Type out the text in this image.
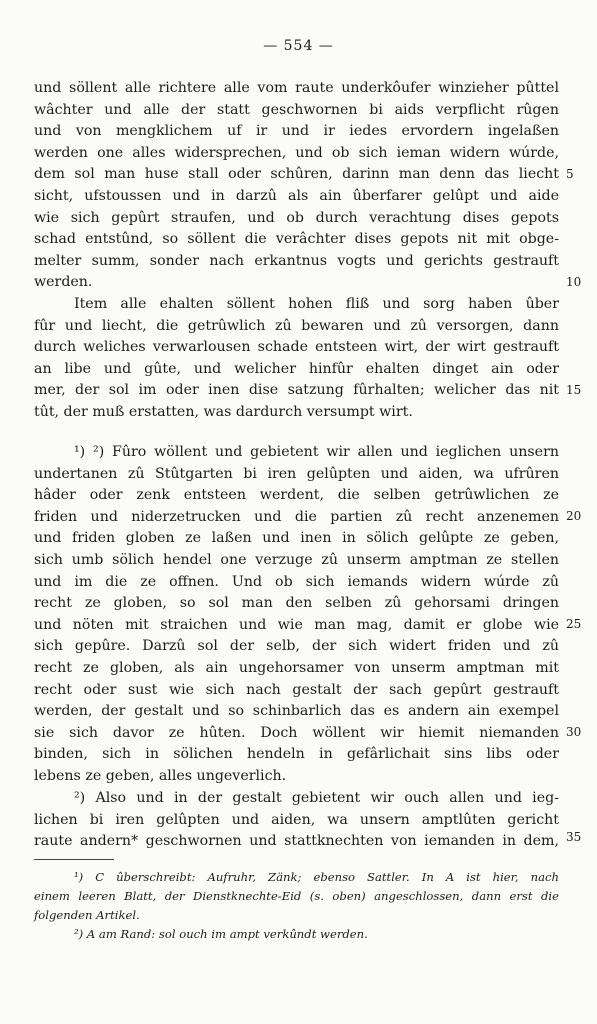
— 554 —
und söllent alle richtere alle vom raute underkôufer winzieher pûttel
wâchter und alle der statt geschwornen bi aids verpflicht rûgen
und von mengklichem uf ir und ir iedes ervordern ingelaßen
werden one alles widersprechen, und ob sich ieman widern wúrde,
dem sol man huse stall oder schûren, darinn man denn das liecht
sicht, ufstoussen und in darzû als ain ûberfarer gelûpt und aide
wie sich gepûrt straufen, und ob durch verachtung dises gepots
schad entstûnd, so söllent die verâchter dises gepots nit mit obge-
melter summ, sonder nach erkantnus vogts und gerichts gestrauft
werden.
Item alle ehalten söllent hohen fliß und sorg haben ûber
fûr und liecht, die getrûwlich zû bewaren und zû versorgen, dann
durch weliches verwarlousen schade entsteen wirt, der wirt gestrauft
an libe und gûte, und welicher hinfûr ehalten dinget ain oder
mer, der sol im oder inen dise satzung fûrhalten; welicher das nit
tût, der muß erstatten, was dardurch versumpt wirt.
¹) ²) Fûro wöllent und gebietent wir allen und ieglichen unsern
undertanen zû Stûtgarten bi iren gelûpten und aiden, wa ufrûren
hâder oder zenk entsteen werdent, die selben getrûwlichen ze
friden und niderzetrucken und die partien zû recht anzenemen
und friden globen ze laßen und inen in sölich gelûpte ze geben,
sich umb sölich hendel one verzuge zû unserm amptman ze stellen
und im die ze offnen. Und ob sich iemands widern wúrde zû
recht ze globen, so sol man den selben zû gehorsami dringen
und nöten mit straichen und wie man mag, damit er globe wie
sich gepûre. Darzû sol der selb, der sich widert friden und zû
recht ze globen, als ain ungehorsamer von unserm amptman mit
recht oder sust wie sich nach gestalt der sach gepûrt gestrauft
werden, der gestalt und so schinbarlich das es andern ain exempel
sie sich davor ze hûten. Doch wöllent wir hiemit niemanden
binden, sich in sölichen hendeln in gefârlichait sins libs oder
lebens ze geben, alles ungeverlich.
²) Also und in der gestalt gebietent wir ouch allen und ieg-
lichen bi iren gelûpten und aiden, wa unsern amptlûten gericht
raute andern* geschwornen und stattknechten von iemanden in dem,
5
10
15
20
25
30
35
¹) C ûberschreibt: Aufruhr, Zänk; ebenso Sattler. In A ist hier, nach
einem leeren Blatt, der Dienstknechte-Eid (s. oben) angeschlossen, dann erst die
folgenden Artikel.
²) A am Rand: sol ouch im ampt verkûndt werden.
